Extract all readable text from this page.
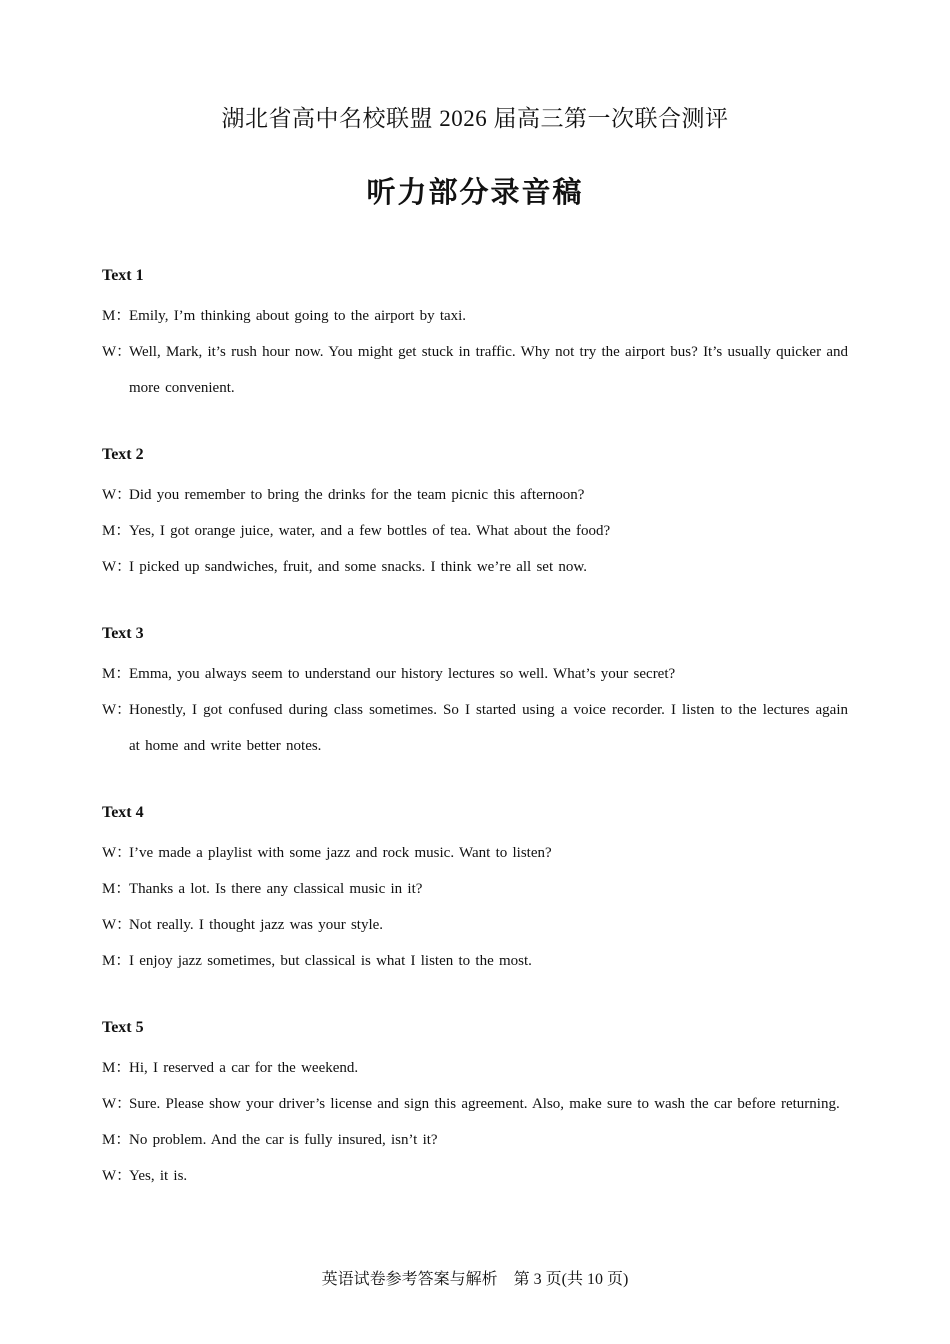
湖北省高中名校联盟 2026 届高三第一次联合测评
听力部分录音稿
Text 1
M：
Emily, I’m thinking about going to the airport by taxi.
W：
Well, Mark, it’s rush hour now. You might get stuck in traffic. Why not try the airport bus? It’s usually quicker and more convenient.
Text 2
W：
Did you remember to bring the drinks for the team picnic this afternoon?
M：
Yes, I got orange juice, water, and a few bottles of tea. What about the food?
W：
I picked up sandwiches, fruit, and some snacks. I think we’re all set now.
Text 3
M：
Emma, you always seem to understand our history lectures so well. What’s your secret?
W：
Honestly, I got confused during class sometimes. So I started using a voice recorder. I listen to the lectures again at home and write better notes.
Text 4
W：
I’ve made a playlist with some jazz and rock music. Want to listen?
M：
Thanks a lot. Is there any classical music in it?
W：
Not really. I thought jazz was your style.
M：
I enjoy jazz sometimes, but classical is what I listen to the most.
Text 5
M：
Hi, I reserved a car for the weekend.
W：
Sure. Please show your driver’s license and sign this agreement. Also, make sure to wash the car before returning.
M：
No problem. And the car is fully insured, isn’t it?
W：
Yes, it is.
英语试卷参考答案与解析　第 3 页(共 10 页)
